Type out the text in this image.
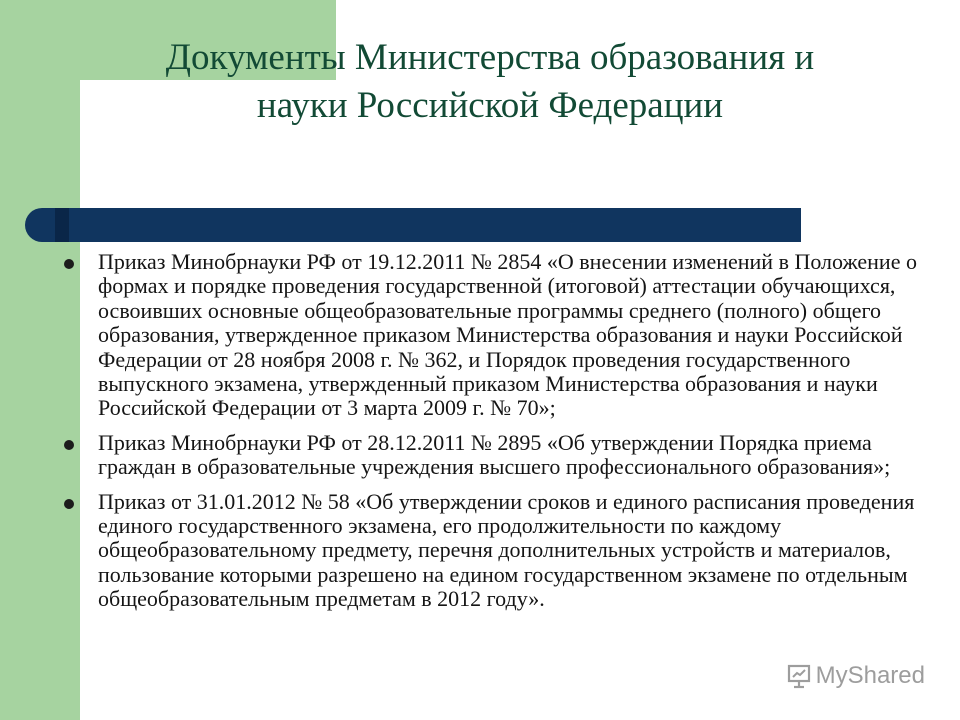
Документы Министерства образования и
науки Российской Федерации
Приказ Минобрнауки РФ от 19.12.2011 № 2854 «О внесении изменений в Положение о формах и порядке проведения государственной (итоговой) аттестации обучающихся, освоивших основные общеобразовательные программы среднего (полного) общего образования, утвержденное приказом Министерства образования и науки Российской Федерации от 28 ноября 2008 г. № 362, и Порядок проведения государственного выпускного экзамена, утвержденный приказом Министерства образования и науки Российской Федерации от 3 марта 2009 г. № 70»;
Приказ Минобрнауки РФ от 28.12.2011 № 2895 «Об утверждении Порядка приема граждан в образовательные учреждения высшего профессионального образования»;
Приказ от 31.01.2012 № 58 «Об утверждении сроков и единого расписания проведения единого государственного экзамена, его продолжительности по каждому общеобразовательному предмету, перечня дополнительных устройств и материалов, пользование которыми разрешено на едином государственном экзамене по отдельным общеобразовательным предметам в 2012 году».
MyShared
